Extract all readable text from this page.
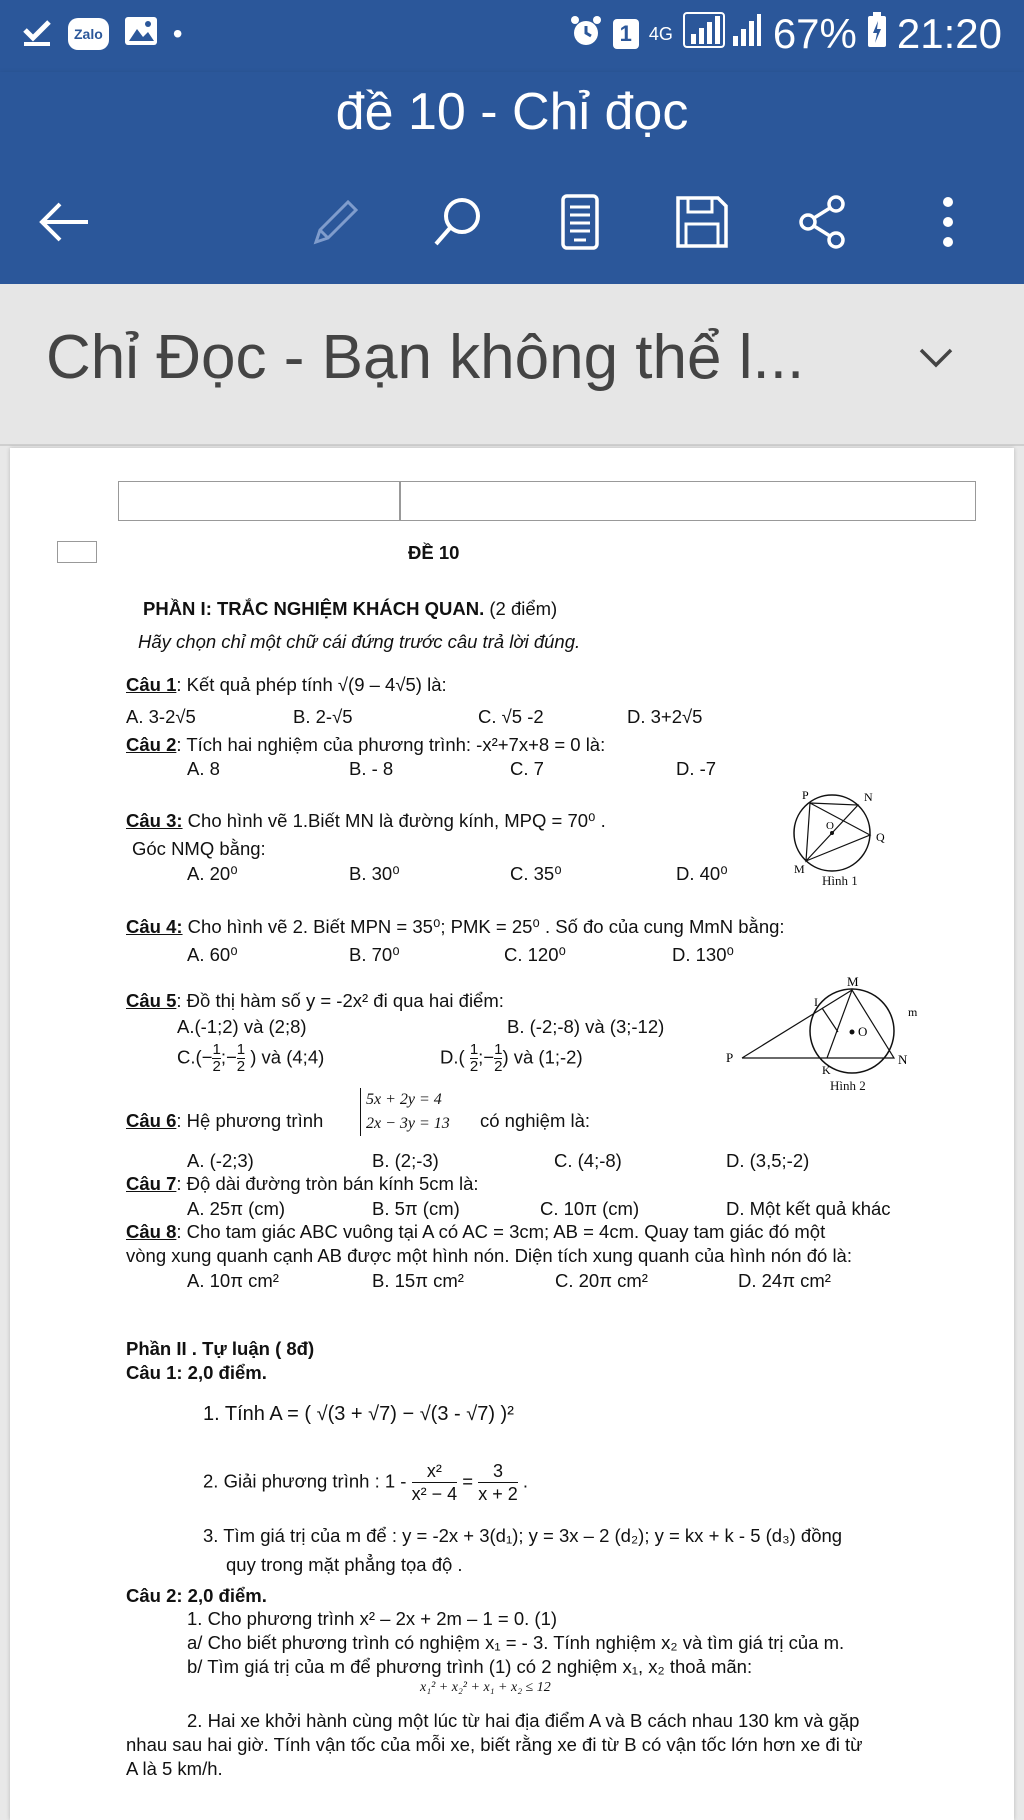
Zalo	•	1 4G 67% 21:20
đề 10 - Chỉ đọc
Chỉ Đọc - Bạn không thể l...
ĐỀ 10
PHẦN I: TRẮC NGHIỆM KHÁCH QUAN. (2 điểm)
Hãy chọn chỉ một chữ cái đứng trước câu trả lời đúng.
Câu 1: Kết quả phép tính √(9 – 4√5) là:
A. 3-2√5	B. 2-√5	C. √5 -2	D. 3+2√5
Câu 2: Tích hai nghiệm của phương trình: -x²+7x+8 = 0 là:
A. 8	B. - 8	C. 7	D. -7
Câu 3: Cho hình vẽ 1.Biết MN là đường kính, MPQ = 70⁰ .
Góc NMQ bằng:
A. 20⁰	B. 30⁰	C. 35⁰	D. 40⁰
P	N
Q
M
O
Hình 1
Câu 4: Cho hình vẽ 2. Biết MPN = 35⁰; PMK = 25⁰ . Số đo của cung MmN bằng:
A. 60⁰	B. 70⁰	C. 120⁰	D. 130⁰
Câu 5: Đồ thị hàm số y = -2x² đi qua hai điểm:
A.(-1;2) và (2;8)	B. (-2;-8) và (3;-12)
$C.(- \frac{1}{2}$ ;− $\frac{1}{2}$ ) và (4;4)	$D.( \frac{1}{2}$ ;− $\frac{1}{2}$ ) và (1;-2)	P
M
I
O
m
K
N
Hình 2
Câu 6: Hệ phương trình
5x + 2y = 4
2x − 3y = 13 có nghiệm là:
A. (-2;3)	B. (2;-3)	C. (4;-8)	D. (3,5;-2)
Câu 7: Độ dài đường tròn bán kính 5cm là:
A. 25π (cm)	B. 5π (cm)	C. 10π (cm)	D. Một kết quả khác
Câu 8: Cho tam giác ABC vuông tại A có AC = 3cm; AB = 4cm. Quay tam giác đó một
vòng xung quanh cạnh AB được một hình nón. Diện tích xung quanh của hình nón đó là:
A. 10π cm²	B. 15π cm²	C. 20π cm²	D. 24π cm²
Phần II . Tự luận ( 8đ)
Câu 1: 2,0 điểm.
1. Tính A = ( √(3 + √7) − √(3 - √7) )²
2. Giải phương trình : $1 - \frac{\text{x²}}{\text{x² − 4}} = \frac{3}{x + 2}$ .
3. Tìm giá trị của m để : y = -2x + 3(d₁); y = 3x – 2 (d₂); y = kx + k - 5 (d₃) đồng
quy trong mặt phẳng tọa độ .
Câu 2: 2,0 điểm.
1. Cho phương trình x² – 2x + 2m – 1 = 0. (1)
a/ Cho biết phương trình có nghiệm x₁ = - 3. Tính nghiệm x₂ và tìm giá trị của m.
b/ Tìm giá trị của m để phương trình (1) có 2 nghiệm x₁, x₂ thoả mãn:
x₁² + x₂² + x₁ + x₂ ≤ 12
2. Hai xe khởi hành cùng một lúc từ hai địa điểm A và B cách nhau 130 km và gặp
nhau sau hai giờ. Tính vận tốc của mỗi xe, biết rằng xe đi từ B có vận tốc lớn hơn xe đi từ
A là 5 km/h.
